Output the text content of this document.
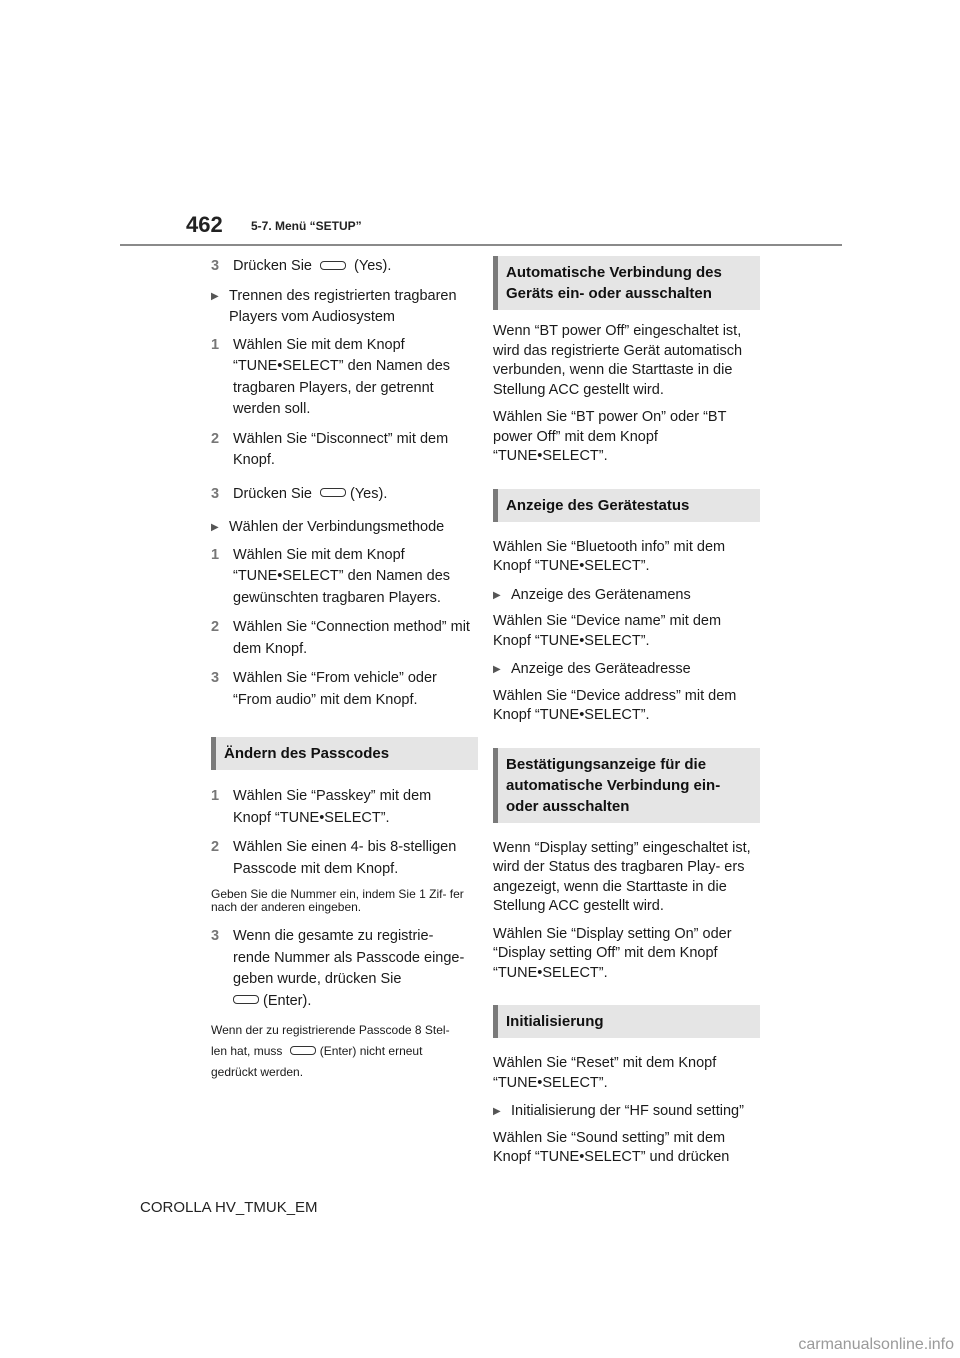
462 5-7. Menü “SETUP”
3 Drücken Sie  (Yes).
▶ Trennen des registrierten tragbaren Players vom Audiosystem
1 Wählen Sie mit dem Knopf “TUNE•SELECT” den Namen des tragbaren Players, der getrennt werden soll.
2 Wählen Sie “Disconnect” mit dem Knopf.
3 Drücken Sie (Yes).
▶ Wählen der Verbindungsmethode
1 Wählen Sie mit dem Knopf “TUNE•SELECT” den Namen des gewünschten tragbaren Players.
2 Wählen Sie “Connection method” mit dem Knopf.
3 Wählen Sie “From vehicle” oder “From audio” mit dem Knopf.
Ändern des Passcodes
1 Wählen Sie “Passkey” mit dem Knopf “TUNE•SELECT”.
2 Wählen Sie einen 4- bis 8-stelligen Passcode mit dem Knopf.
Geben Sie die Nummer ein, indem Sie 1 Zif- fer nach der anderen eingeben.
3 Wenn die gesamte zu registrie- rende Nummer als Passcode einge- geben wurde, drücken Sie
(Enter).
Wenn der zu registrierende Passcode 8 Stel-
len hat, muss	(Enter) nicht erneut
gedrückt werden.
Automatische Verbindung des Geräts ein- oder ausschalten
Wenn “BT power Off” eingeschaltet ist, wird das registrierte Gerät automatisch verbunden, wenn die Starttaste in die Stellung ACC gestellt wird.
Wählen Sie “BT power On” oder “BT power Off” mit dem Knopf “TUNE•SELECT”.
Anzeige des Gerätestatus
Wählen Sie “Bluetooth info” mit dem Knopf “TUNE•SELECT”.
▶ Anzeige des Gerätenamens
Wählen Sie “Device name” mit dem Knopf “TUNE•SELECT”.
▶ Anzeige des Geräteadresse
Wählen Sie “Device address” mit dem Knopf “TUNE•SELECT”.
Bestätigungsanzeige für die automatische Verbindung ein- oder ausschalten
Wenn “Display setting” eingeschaltet ist, wird der Status des tragbaren Play- ers angezeigt, wenn die Starttaste in die Stellung ACC gestellt wird.
Wählen Sie “Display setting On” oder “Display setting Off” mit dem Knopf “TUNE•SELECT”.
Initialisierung
Wählen Sie “Reset” mit dem Knopf “TUNE•SELECT”.
▶ Initialisierung der “HF sound setting”
Wählen Sie “Sound setting” mit dem Knopf “TUNE•SELECT” und drücken
COROLLA HV_TMUK_EM
carmanualsonline.info
